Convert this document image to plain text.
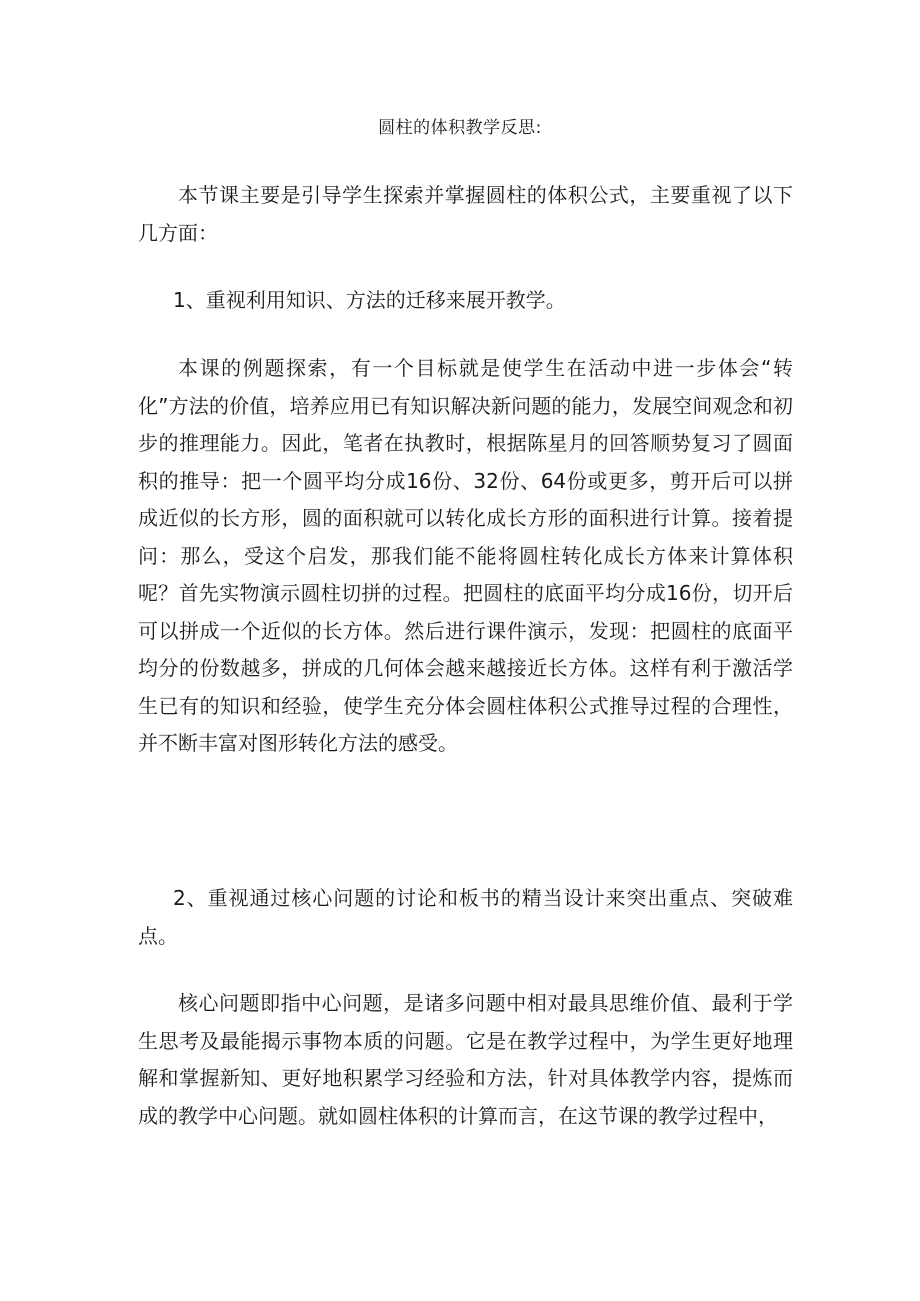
圆柱的体积教学反思:

本节课主要是引导学生探索并掌握圆柱的体积公式，主要重视了以下几方面：

1、重视利用知识、方法的迁移来展开教学。

本课的例题探索，有一个目标就是使学生在活动中进一步体会“转化”方法的价值，培养应用已有知识解决新问题的能力，发展空间观念和初步的推理能力。因此，笔者在执教时，根据陈星月的回答顺势复习了圆面积的推导：把一个圆平均分成16份、32份、64份或更多，剪开后可以拼成近似的长方形，圆的面积就可以转化成长方形的面积进行计算。接着提问：那么，受这个启发，那我们能不能将圆柱转化成长方体来计算体积呢？首先实物演示圆柱切拼的过程。把圆柱的底面平均分成16份，切开后可以拼成一个近似的长方体。然后进行课件演示，发现：把圆柱的底面平均分的份数越多，拼成的几何体会越来越接近长方体。这样有利于激活学生已有的知识和经验，使学生充分体会圆柱体积公式推导过程的合理性，并不断丰富对图形转化方法的感受。

2、重视通过核心问题的讨论和板书的精当设计来突出重点、突破难点。

核心问题即指中心问题，是诸多问题中相对最具思维价值、最利于学生思考及最能揭示事物本质的问题。它是在教学过程中，为学生更好地理解和掌握新知、更好地积累学习经验和方法，针对具体教学内容，提炼而成的教学中心问题。就如圆柱体积的计算而言，在这节课的教学过程中，
